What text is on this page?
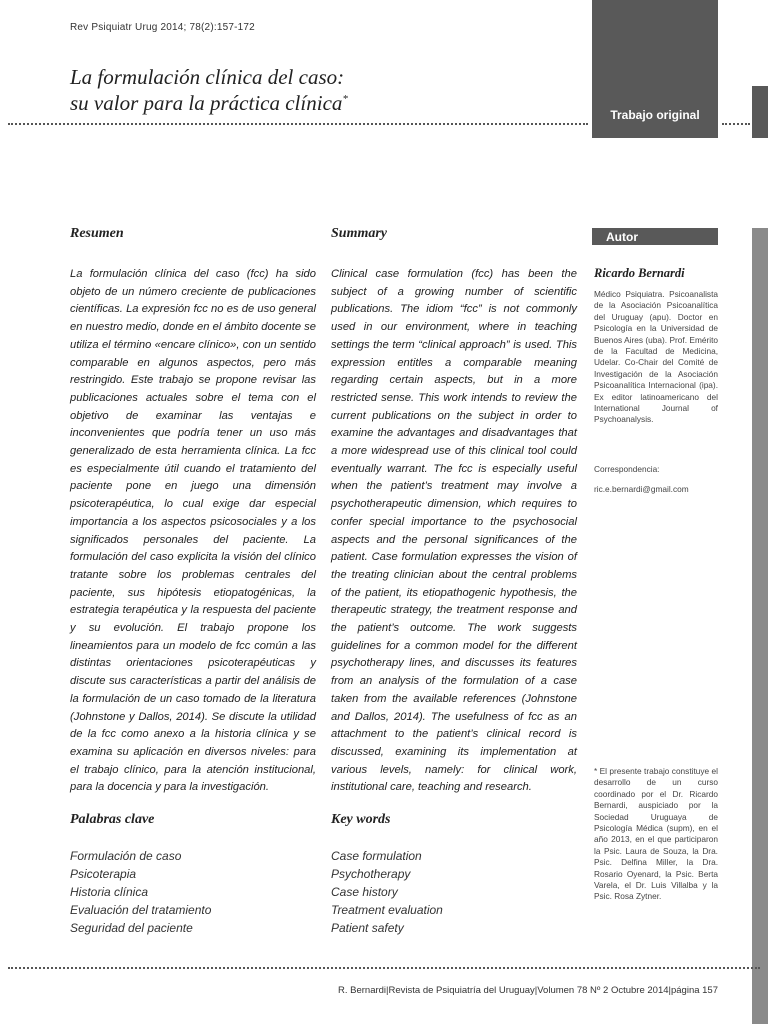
Trabajo original
Rev Psiquiatr Urug 2014; 78(2):157-172
La formulación clínica del caso:
su valor para la práctica clínica*
Resumen	Summary	Autor
La formulación clínica del caso (fcc) ha sido objeto de un número creciente de publicaciones científicas. La expresión fcc no es de uso general en nuestro medio, donde en el ámbito docente se utiliza el término «encare clínico», con un sentido comparable en algunos aspectos, pero más restringido. Este trabajo se propone revisar las publicaciones actuales sobre el tema con el objetivo de examinar las ventajas e inconvenientes que podría tener un uso más generalizado de esta herramienta clínica. La fcc es especialmente útil cuando el tratamiento del paciente pone en juego una dimensión psicoterapéutica, lo cual exige dar especial importancia a los aspectos psicosociales y a los significados personales del paciente. La formulación del caso explicita la visión del clínico tratante sobre los problemas centrales del paciente, sus hipótesis etiopatogénicas, la estrategia terapéutica y la respuesta del paciente y su evolución. El trabajo propone los lineamientos para un modelo de fcc común a las distintas orientaciones psicoterapéuticas y discute sus características a partir del análisis de la formulación de un caso tomado de la literatura (Johnstone y Dallos, 2014). Se discute la utilidad de la fcc como anexo a la historia clínica y se examina su aplicación en diversos niveles: para el trabajo clínico, para la atención institucional, para la docencia y para la investigación.
Clinical case formulation (fcc) has been the subject of a growing number of scientific publications. The idiom “fcc” is not commonly used in our environment, where in teaching settings the term “clinical approach” is used. This expression entitles a comparable meaning regarding certain aspects, but in a more restricted sense. This work intends to review the current publications on the subject in order to examine the advantages and disadvantages that a more widespread use of this clinical tool could eventually warrant. The fcc is especially useful when the patient’s treatment may involve a psychotherapeutic dimension, which requires to confer special importance to the psychosocial aspects and the personal significances of the patient. Case formulation expresses the vision of the treating clinician about the central problems of the patient, its etiopathogenic hypothesis, the therapeutic strategy, the treatment response and the patient’s outcome. The work suggests guidelines for a common model for the different psychotherapy lines, and discusses its features from an analysis of the formulation of a case taken from the available references (Johnstone and Dallos, 2014). The usefulness of fcc as an attachment to the patient’s clinical record is discussed, examining its implementation at various levels, namely: for clinical work, institutional care, teaching and research.
Ricardo Bernardi
Médico Psiquiatra. Psicoanalista de la Asociación Psicoanalítica del Uruguay (apu). Doctor en Psicología en la Universidad de Buenos Aires (uba). Prof. Emérito de la Facultad de Medicina, Udelar. Co-Chair del Comité de Investigación de la Asociación Psicoanalítica Internacional (ipa). Ex editor latinoamericano del International Journal of Psychoanalysis.
Correspondencia:
ric.e.bernardi@gmail.com
* El presente trabajo constituye el desarrollo de un curso coordinado por el Dr. Ricardo Bernardi, auspiciado por la Sociedad Uruguaya de Psicología Médica (supm), en el año 2013, en el que participaron la Psic. Laura de Souza, la Dra. Psic. Delfina Miller, la Dra. Rosario Oyenard, la Psic. Berta Varela, el Dr. Luis Villalba y la Psic. Rosa Zytner.
Palabras clave	Key words
Formulación de caso
Psicoterapia
Historia clínica
Evaluación del tratamiento
Seguridad del paciente
Case formulation
Psychotherapy
Case history
Treatment evaluation
Patient safety
R. Bernardi|Revista de Psiquiatría del Uruguay|Volumen 78 Nº 2 Octubre 2014|página 157
